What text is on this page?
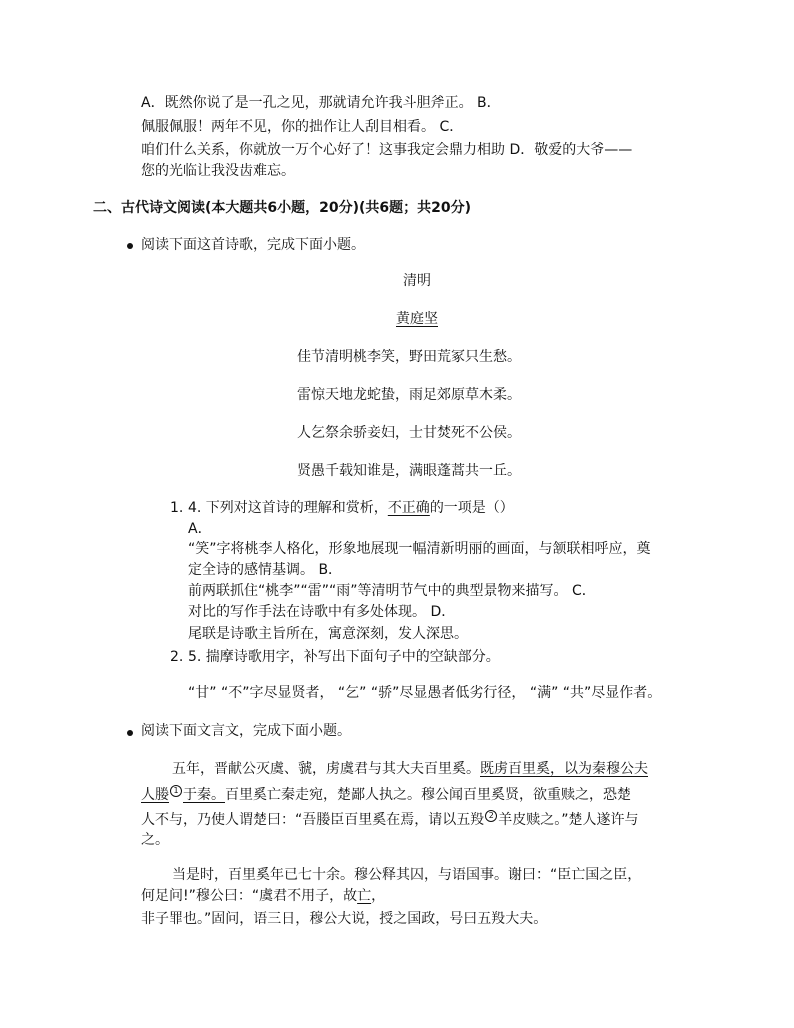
A．既然你说了是一孔之见，那就请允许我斗胆斧正。 B．
佩服佩服！两年不见，你的拙作让人刮目相看。 C．
咱们什么关系，你就放一万个心好了！这事我定会鼎力相助 D．敬爱的大爷——
您的光临让我没齿难忘。
二、古代诗文阅读(本大题共6小题，20分)(共6题；共20分)
阅读下面这首诗歌，完成下面小题。
清明
黄庭坚
佳节清明桃李笑，野田荒冢只生愁。
雷惊天地龙蛇蛰，雨足郊原草木柔。
人乞祭余骄妾妇，士甘焚死不公侯。
贤愚千载知谁是，满眼蓬蒿共一丘。
1. 4. 下列对这首诗的理解和赏析，不正确的一项是（）
A．
“笑”字将桃李人格化，形象地展现一幅清新明丽的画面，与颔联相呼应，奠
定全诗的感情基调。 B．
前两联抓住“桃李”“雷”“雨”等清明节气中的典型景物来描写。 C．
对比的写作手法在诗歌中有多处体现。 D．
尾联是诗歌主旨所在，寓意深刻，发人深思。
2. 5. 揣摩诗歌用字，补写出下面句子中的空缺部分。
“甘” “不”字尽显贤者， “乞” “骄”尽显愚者低劣行径， “满” “共”尽显作者。
阅读下面文言文，完成下面小题。
五年，晋献公灭虞、虢，虏虞君与其大夫百里奚。既虏百里奚，以为秦穆公夫
人媵 1 于秦。百里奚亡秦走宛，楚鄙人执之。穆公闻百里奚贤，欲重赎之，恐楚
人不与，乃使人谓楚曰：“吾媵臣百里奚在焉，请以五羖 2 羊皮赎之。”楚人遂许与
之。
当是时，百里奚年已七十余。穆公释其囚，与语国事。谢曰：“臣亡国之臣，
何足问!”穆公曰：“虞君不用子，故亡，
非子罪也。”固问，语三日，穆公大说，授之国政，号曰五羖大夫。
